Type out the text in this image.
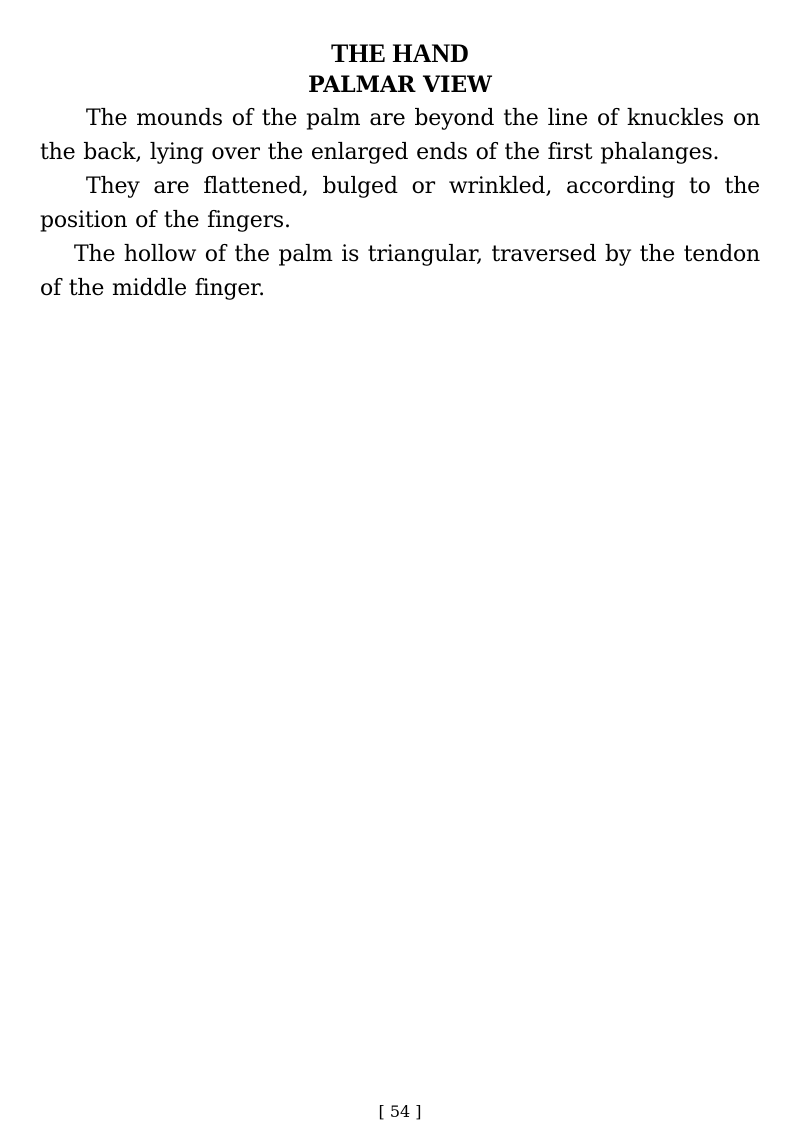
THE HAND
PALMAR VIEW

The mounds of the palm are beyond the line of knuckles on the back, lying over the enlarged ends of the first phalanges.

They are flattened, bulged or wrinkled, according to the position of the fingers.

The hollow of the palm is triangular, traversed by the tendon of the middle finger.

[ 54 ]
